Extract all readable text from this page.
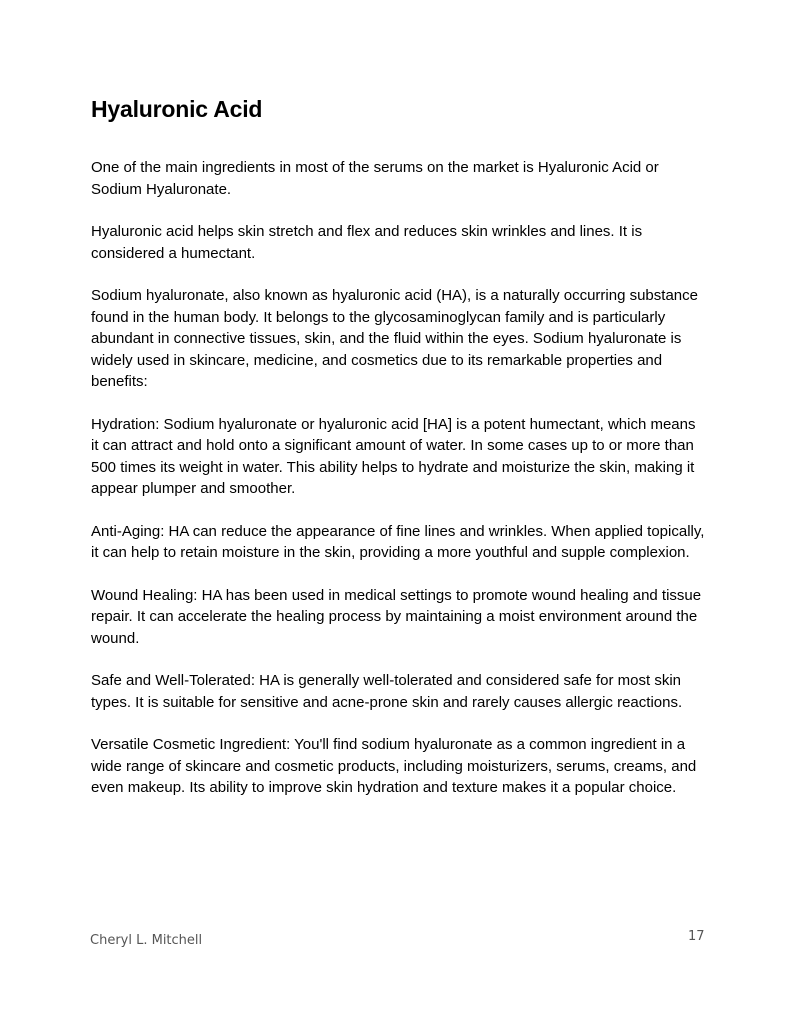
Hyaluronic Acid

One of the main ingredients in most of the serums on the market is Hyaluronic Acid or Sodium Hyaluronate.

Hyaluronic acid helps skin stretch and flex and reduces skin wrinkles and lines. It is considered a humectant.

Sodium hyaluronate, also known as hyaluronic acid (HA), is a naturally occurring substance found in the human body. It belongs to the glycosaminoglycan family and is particularly abundant in connective tissues, skin, and the fluid within the eyes. Sodium hyaluronate is widely used in skincare, medicine, and cosmetics due to its remarkable properties and benefits:

Hydration: Sodium hyaluronate or hyaluronic acid [HA] is a potent humectant, which means it can attract and hold onto a significant amount of water. In some cases up to or more than 500 times its weight in water. This ability helps to hydrate and moisturize the skin, making it appear plumper and smoother.

Anti-Aging: HA can reduce the appearance of fine lines and wrinkles. When applied topically, it can help to retain moisture in the skin, providing a more youthful and supple complexion.

Wound Healing: HA has been used in medical settings to promote wound healing and tissue repair. It can accelerate the healing process by maintaining a moist environment around the wound.

Safe and Well-Tolerated: HA is generally well-tolerated and considered safe for most skin types. It is suitable for sensitive and acne-prone skin and rarely causes allergic reactions.

Versatile Cosmetic Ingredient: You'll find sodium hyaluronate as a common ingredient in a wide range of skincare and cosmetic products, including moisturizers, serums, creams, and even makeup. Its ability to improve skin hydration and texture makes it a popular choice.

Cheryl L. Mitchell	17
